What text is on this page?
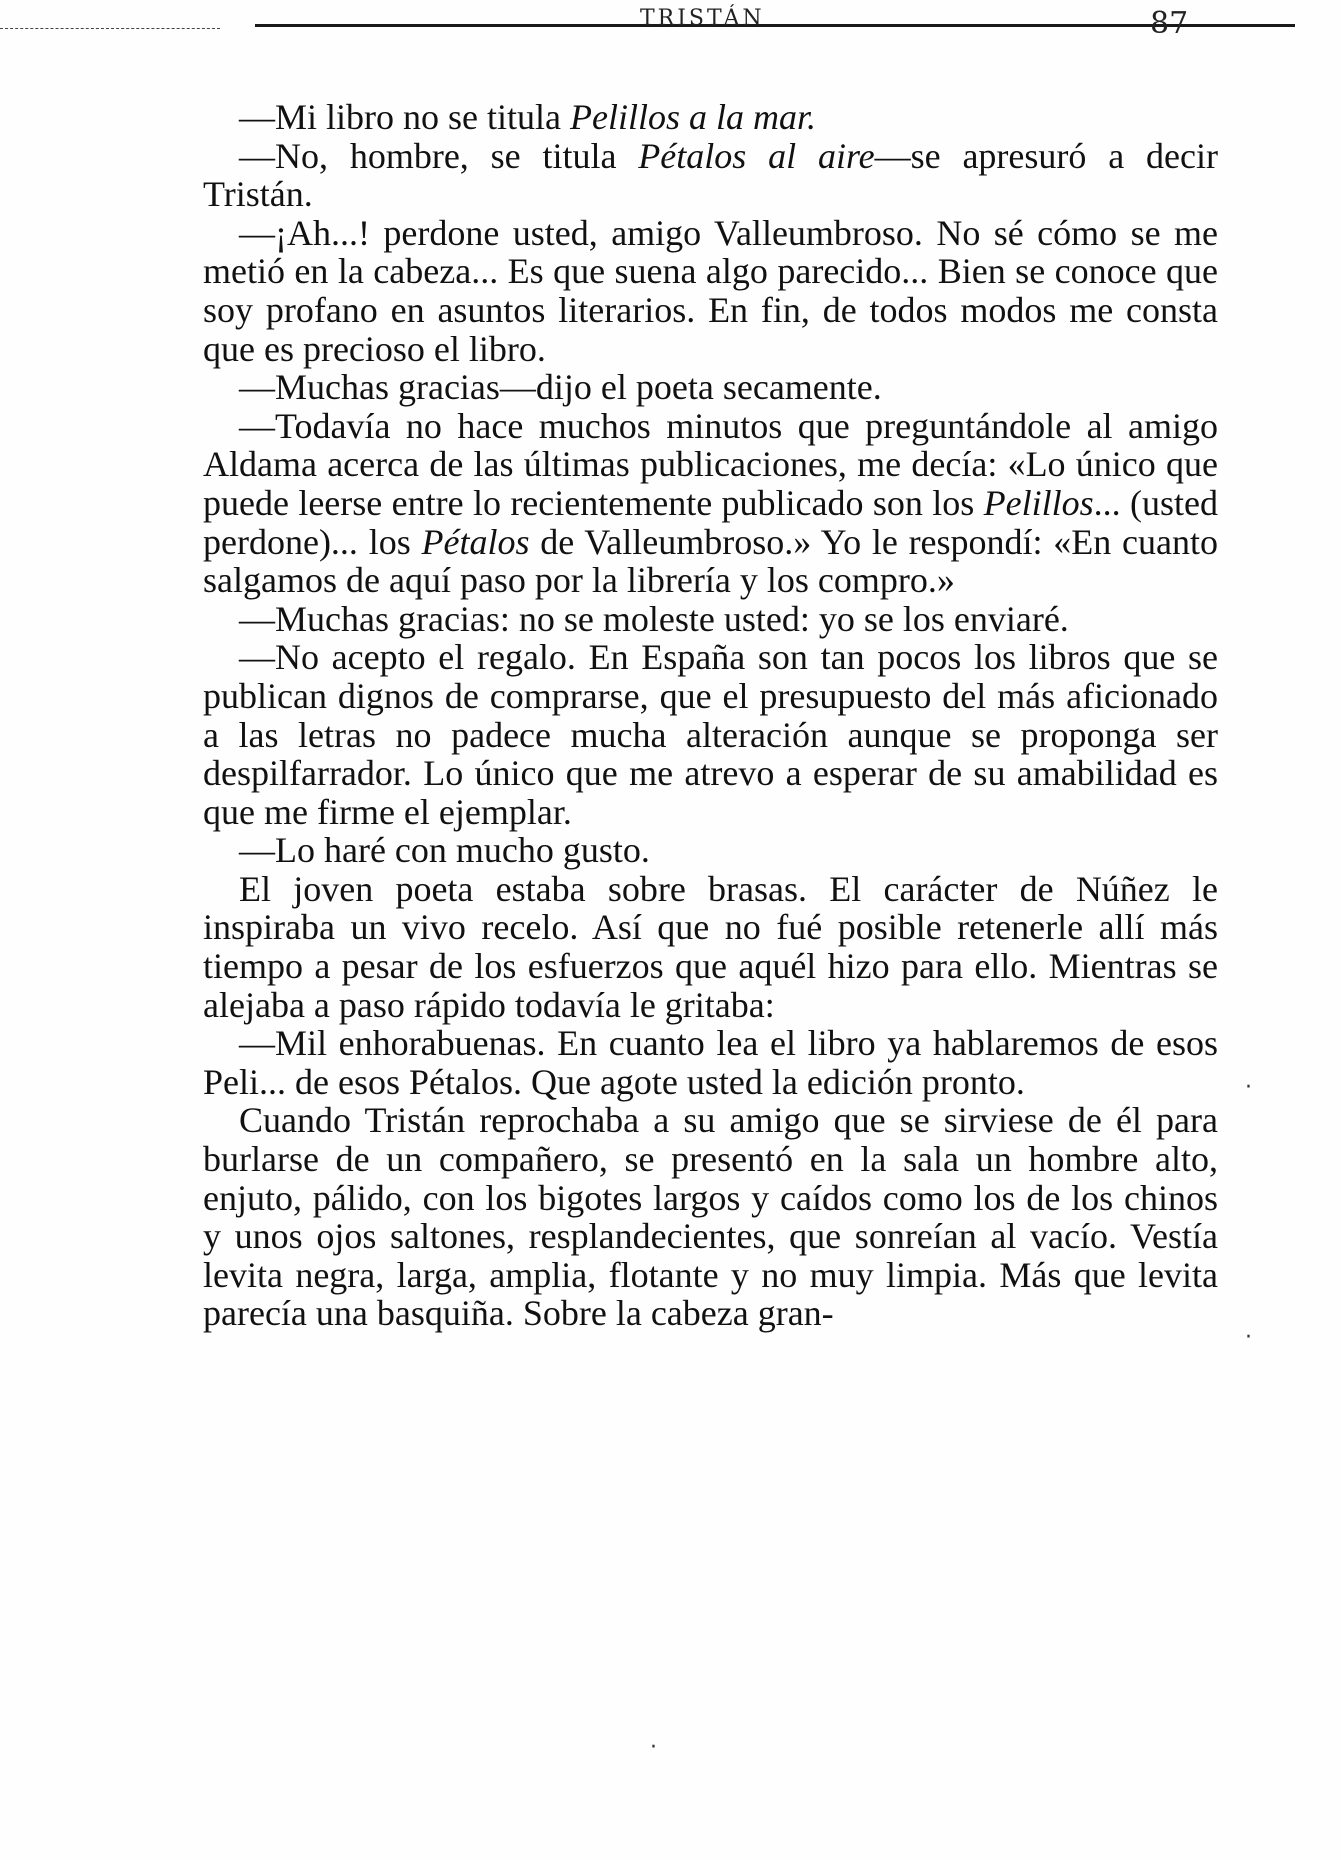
TRISTÁN	87

—Mi libro no se titula Pelillos a la mar.

—No, hombre, se titula Pétalos al aire—se apresuró a decir Tristán.

—¡Ah...! perdone usted, amigo Valleumbroso. No sé cómo se me metió en la cabeza... Es que suena algo parecido... Bien se conoce que soy profano en asuntos literarios. En fin, de todos modos me consta que es precioso el libro.

—Muchas gracias—dijo el poeta secamente.

—Todavía no hace muchos minutos que preguntándole al amigo Aldama acerca de las últimas publicaciones, me decía: «Lo único que puede leerse entre lo recientemente publicado son los Pelillos... (usted perdone)... los Pétalos de Valleumbroso.» Yo le respondí: «En cuanto salgamos de aquí paso por la librería y los compro.»

—Muchas gracias: no se moleste usted: yo se los enviaré.

—No acepto el regalo. En España son tan pocos los libros que se publican dignos de comprarse, que el presupuesto del más aficionado a las letras no padece mucha alteración aunque se proponga ser despilfarrador. Lo único que me atrevo a esperar de su amabilidad es que me firme el ejemplar.

—Lo haré con mucho gusto.

El joven poeta estaba sobre brasas. El carácter de Núñez le inspiraba un vivo recelo. Así que no fué posible retenerle allí más tiempo a pesar de los esfuerzos que aquél hizo para ello. Mientras se alejaba a paso rápido todavía le gritaba:

—Mil enhorabuenas. En cuanto lea el libro ya hablaremos de esos Peli... de esos Pétalos. Que agote usted la edición pronto.

Cuando Tristán reprochaba a su amigo que se sirviese de él para burlarse de un compañero, se presentó en la sala un hombre alto, enjuto, pálido, con los bigotes largos y caídos como los de los chinos y unos ojos saltones, resplandecientes, que sonreían al vacío. Vestía levita negra, larga, amplia, flotante y no muy limpia. Más que levita parecía una basquiña. Sobre la cabeza gran-

·
·
·
